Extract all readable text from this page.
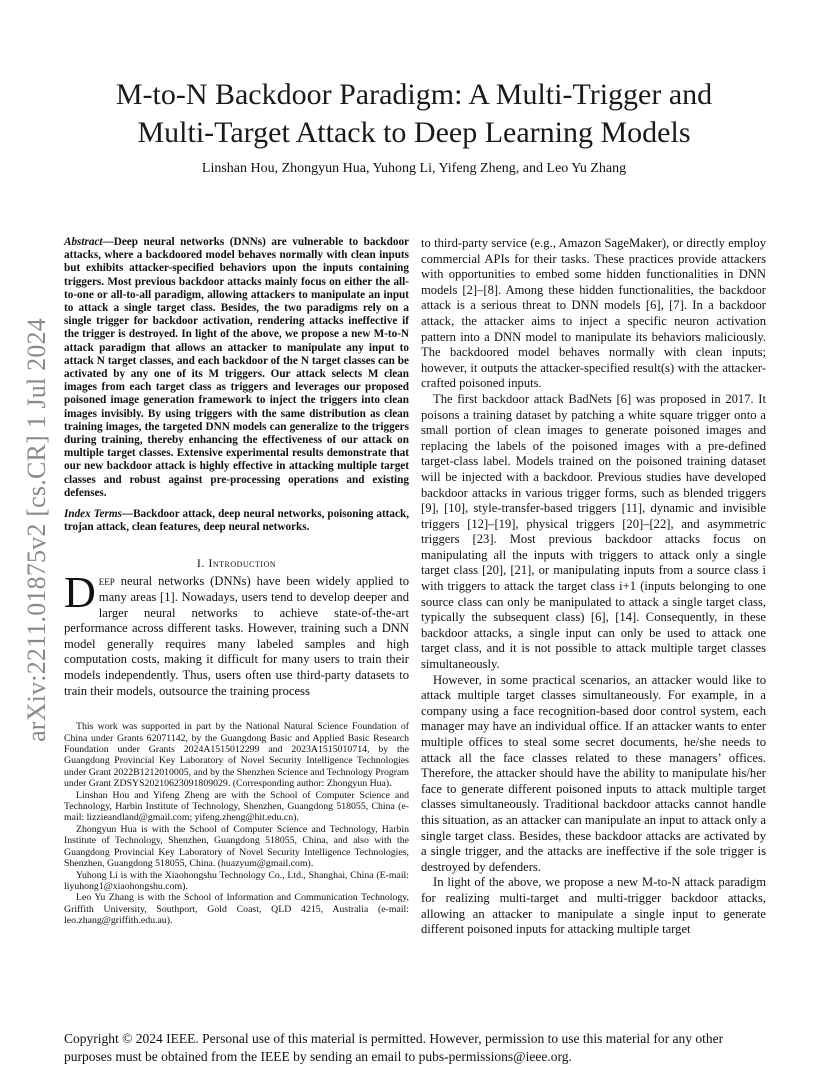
M-to-N Backdoor Paradigm: A Multi-Trigger and
Multi-Target Attack to Deep Learning Models
Linshan Hou, Zhongyun Hua, Yuhong Li, Yifeng Zheng, and Leo Yu Zhang
arXiv:2211.01875v2 [cs.CR] 1 Jul 2024

Abstract—Deep neural networks (DNNs) are vulnerable to backdoor attacks, where a backdoored model behaves normally with clean inputs but exhibits attacker-specified behaviors upon the inputs containing triggers. Most previous backdoor attacks mainly focus on either the all-to-one or all-to-all paradigm, allowing attackers to manipulate an input to attack a single target class. Besides, the two paradigms rely on a single trigger for backdoor activation, rendering attacks ineffective if the trigger is destroyed. In light of the above, we propose a new M-to-N attack paradigm that allows an attacker to manipulate any input to attack N target classes, and each backdoor of the N target classes can be activated by any one of its M triggers. Our attack selects M clean images from each target class as triggers and leverages our proposed poisoned image generation framework to inject the triggers into clean images invisibly. By using triggers with the same distribution as clean training images, the targeted DNN models can generalize to the triggers during training, thereby enhancing the effectiveness of our attack on multiple target classes. Extensive experimental results demonstrate that our new backdoor attack is highly effective in attacking multiple target classes and robust against pre-processing operations and existing defenses.

Index Terms—Backdoor attack, deep neural networks, poisoning attack, trojan attack, clean features, deep neural networks.

I. Introduction

Deep neural networks (DNNs) have been widely applied to many areas [1]. Nowadays, users tend to develop deeper and larger neural networks to achieve state-of-the-art performance across different tasks. However, training such a DNN model generally requires many labeled samples and high computation costs, making it difficult for many users to train their models independently. Thus, users often use third-party datasets to train their models, outsource the training process

This work was supported in part by the National Natural Science Foundation of China under Grants 62071142, by the Guangdong Basic and Applied Basic Research Foundation under Grants 2024A1515012299 and 2023A1515010714, by the Guangdong Provincial Key Laboratory of Novel Security Intelligence Technologies under Grant 2022B1212010005, and by the Shenzhen Science and Technology Program under Grant ZDSYS20210623091809029. (Corresponding author: Zhongyun Hua).

Linshan Hou and Yifeng Zheng are with the School of Computer Science and Technology, Harbin Institute of Technology, Shenzhen, Guangdong 518055, China (e-mail: lizzieandland@gmail.com; yifeng.zheng@hit.edu.cn).

Zhongyun Hua is with the School of Computer Science and Technology, Harbin Institute of Technology, Shenzhen, Guangdong 518055, China, and also with the Guangdong Provincial Key Laboratory of Novel Security Intelligence Technologies, Shenzhen, Guangdong 518055, China. (huazyum@gmail.com).

Yuhong Li is with the Xiaohongshu Technology Co., Ltd., Shanghai, China (E-mail: liyuhong1@xiaohongshu.com).

Leo Yu Zhang is with the School of Information and Communication Technology, Griffith University, Southport, Gold Coast, QLD 4215, Australia (e-mail: leo.zhang@griffith.edu.au).

to third-party service (e.g., Amazon SageMaker), or directly employ commercial APIs for their tasks. These practices provide attackers with opportunities to embed some hidden functionalities in DNN models [2]–[8]. Among these hidden functionalities, the backdoor attack is a serious threat to DNN models [6], [7]. In a backdoor attack, the attacker aims to inject a specific neuron activation pattern into a DNN model to manipulate its behaviors maliciously. The backdoored model behaves normally with clean inputs; however, it outputs the attacker-specified result(s) with the attacker-crafted poisoned inputs.

The first backdoor attack BadNets [6] was proposed in 2017. It poisons a training dataset by patching a white square trigger onto a small portion of clean images to generate poisoned images and replacing the labels of the poisoned images with a pre-defined target-class label. Models trained on the poisoned training dataset will be injected with a backdoor. Previous studies have developed backdoor attacks in various trigger forms, such as blended triggers [9], [10], style-transfer-based triggers [11], dynamic and invisible triggers [12]–[19], physical triggers [20]–[22], and asymmetric triggers [23]. Most previous backdoor attacks focus on manipulating all the inputs with triggers to attack only a single target class [20], [21], or manipulating inputs from a source class i with triggers to attack the target class i+1 (inputs belonging to one source class can only be manipulated to attack a single target class, typically the subsequent class) [6], [14]. Consequently, in these backdoor attacks, a single input can only be used to attack one target class, and it is not possible to attack multiple target classes simultaneously.

However, in some practical scenarios, an attacker would like to attack multiple target classes simultaneously. For example, in a company using a face recognition-based door control system, each manager may have an individual office. If an attacker wants to enter multiple offices to steal some secret documents, he/she needs to attack all the face classes related to these managers’ offices. Therefore, the attacker should have the ability to manipulate his/her face to generate different poisoned inputs to attack multiple target classes simultaneously. Traditional backdoor attacks cannot handle this situation, as an attacker can manipulate an input to attack only a single target class. Besides, these backdoor attacks are activated by a single trigger, and the attacks are ineffective if the sole trigger is destroyed by defenders.

In light of the above, we propose a new M-to-N attack paradigm for realizing multi-target and multi-trigger backdoor attacks, allowing an attacker to manipulate a single input to generate different poisoned inputs for attacking multiple target

Copyright © 2024 IEEE. Personal use of this material is permitted. However, permission to use this material for any other purposes must be obtained from the IEEE by sending an email to pubs-permissions@ieee.org.
